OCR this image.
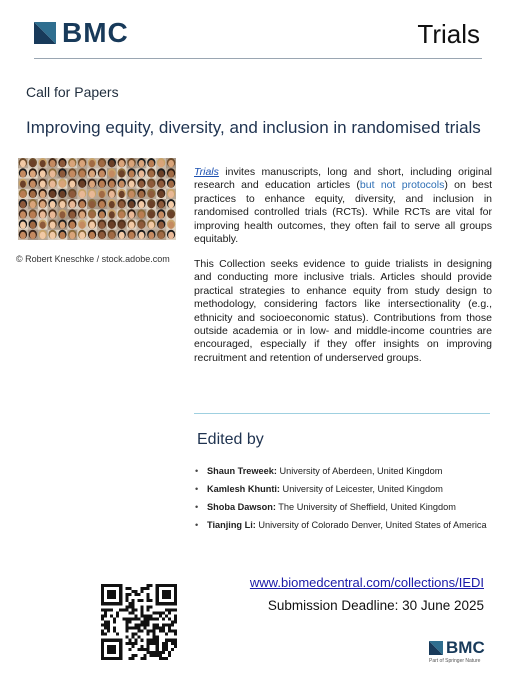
BMC	Trials
Call for Papers
Improving equity, diversity, and inclusion in randomised trials
© Robert Kneschke / stock.adobe.com
Trials invites manuscripts, long and short, including original research and education articles (but not protocols) on best practices to enhance equity, diversity, and inclusion in randomised controlled trials (RCTs). While RCTs are vital for improving health outcomes, they often fail to serve all groups equitably.
This Collection seeks evidence to guide trialists in designing and conducting more inclusive trials. Articles should provide practical strategies to enhance equity from study design to methodology, considering factors like intersectionality (e.g., ethnicity and socioeconomic status). Contributions from those outside academia or in low- and middle-income countries are encouraged, especially if they offer insights on improving recruitment and retention of underserved groups.
Edited by
• Shaun Treweek: University of Aberdeen, United Kingdom
• Kamlesh Khunti: University of Leicester, United Kingdom
• Shoba Dawson: The University of Sheffield, United Kingdom
• Tianjing Li: University of Colorado Denver, United States of America
www.biomedcentral.com/collections/IEDI
Submission Deadline: 30 June 2025
BMC
Part of Springer Nature
